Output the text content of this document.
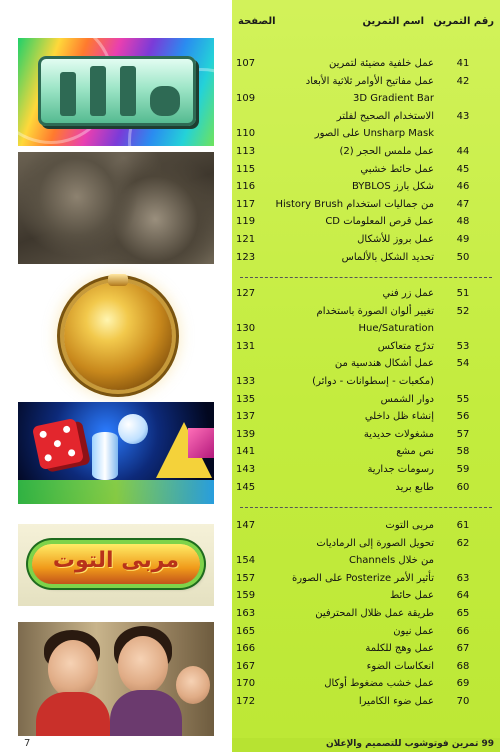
مربى التوت
7
رقم التمرين
اسم التمرين
الصفحة
41
عمل خلفية مضيئة لتمرين
107
42
عمل مفاتيح الأوامر ثلاثية الأبعاد
3D Gradient Bar
109
43
الاستخدام الصحيح لفلتر
Unsharp Mask على الصور
110
44
عمل ملمس الحجر (2)
113
45
عمل حائط خشبي
115
46
شكل بارز BYBLOS
116
47
من جماليات استخدام History Brush
117
48
عمل قرص المعلومات CD
119
49
عمل بروز للأشكال
121
50
تحديد الشكل بالألماس
123
51
عمل زر فني
127
52
تغيير ألوان الصورة باستخدام
Hue/Saturation
130
53
تدرّج متعاكس
131
54
عمل أشكال هندسية من
(مكعبات - إسطوانات - دوائر)
133
55
دوار الشمس
135
56
إنشاء ظل داخلي
137
57
مشغولات حديدية
139
58
نص مشع
141
59
رسومات جدارية
143
60
طابع بريد
145
61
مربى التوت
147
62
تحويل الصورة إلى الرماديات
من خلال Channels
154
63
تأثير الأمر Posterize على الصورة
157
64
عمل حائط
159
65
طريقة عمل ظلال المحترفين
163
66
عمل نيون
165
67
عمل وهج للكلمة
166
68
انعكاسات الضوء
167
69
عمل خشب مضغوط أوكال
170
70
عمل ضوء الكاميرا
172
99 تمرين فوتوشوب للتصميم والإعلان
